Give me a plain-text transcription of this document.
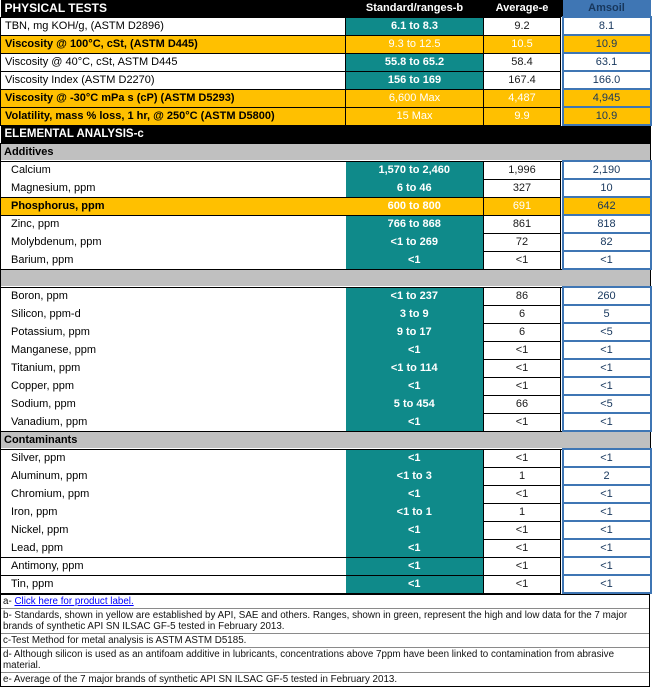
PHYSICAL TESTS	Standard/ranges-b	Average-e		Amsoil
TBN, mg KOH/g, (ASTM D2896)	6.1 to 8.3	9.2		8.1
Viscosity @ 100°C, cSt, (ASTM D445)	9.3 to 12.5	10.5		10.9
Viscosity @ 40°C, cSt, ASTM D445	55.8 to 65.2	58.4		63.1
Viscosity Index (ASTM D2270)	156 to 169	167.4		166.0
Viscosity @ -30°C mPa s (cP) (ASTM D5293)	6,600 Max	4,487		4,945
Volatility, mass % loss, 1 hr, @ 250°C (ASTM D5800)	15 Max	9.9		10.9
ELEMENTAL ANALYSIS-c				
Additives				
Calcium	1,570 to 2,460	1,996		2,190
Magnesium, ppm	6 to 46	327		10
Phosphorus, ppm	600 to 800	691		642
Zinc, ppm	766 to 868	861		818
Molybdenum, ppm	<1 to 269	72		82
Barium, ppm	<1	<1		<1

Boron, ppm	<1 to 237	86		260
Silicon, ppm-d	3 to 9	6		5
Potassium, ppm	9 to 17	6		<5
Manganese, ppm	<1	<1		<1
Titanium, ppm	<1 to 114	<1		<1
Copper, ppm	<1	<1		<1
Sodium, ppm	5 to 454	66		<5
Vanadium, ppm	<1	<1		<1
Contaminants				
Silver, ppm	<1	<1		<1
Aluminum, ppm	<1 to 3	1		2
Chromium, ppm	<1	<1		<1
Iron, ppm	<1 to 1	1		<1
Nickel, ppm	<1	<1		<1
Lead, ppm	<1	<1		<1
Antimony, ppm	<1	<1		<1
Tin, ppm	<1	<1		<1
a- Click here for product label.
b- Standards, shown in yellow are established by API, SAE and others. Ranges, shown in green, represent the high and low data for the 7 major brands of synthetic API SN ILSAC GF-5 tested in February 2013.
c-Test Method for metal analysis is ASTM ASTM D5185.
d- Although silicon is used as an antifoam additive in lubricants, concentrations above 7ppm have been linked to contamination from abrasive material.
e- Average of the 7 major brands of synthetic API SN ILSAC GF-5 tested in February 2013.
